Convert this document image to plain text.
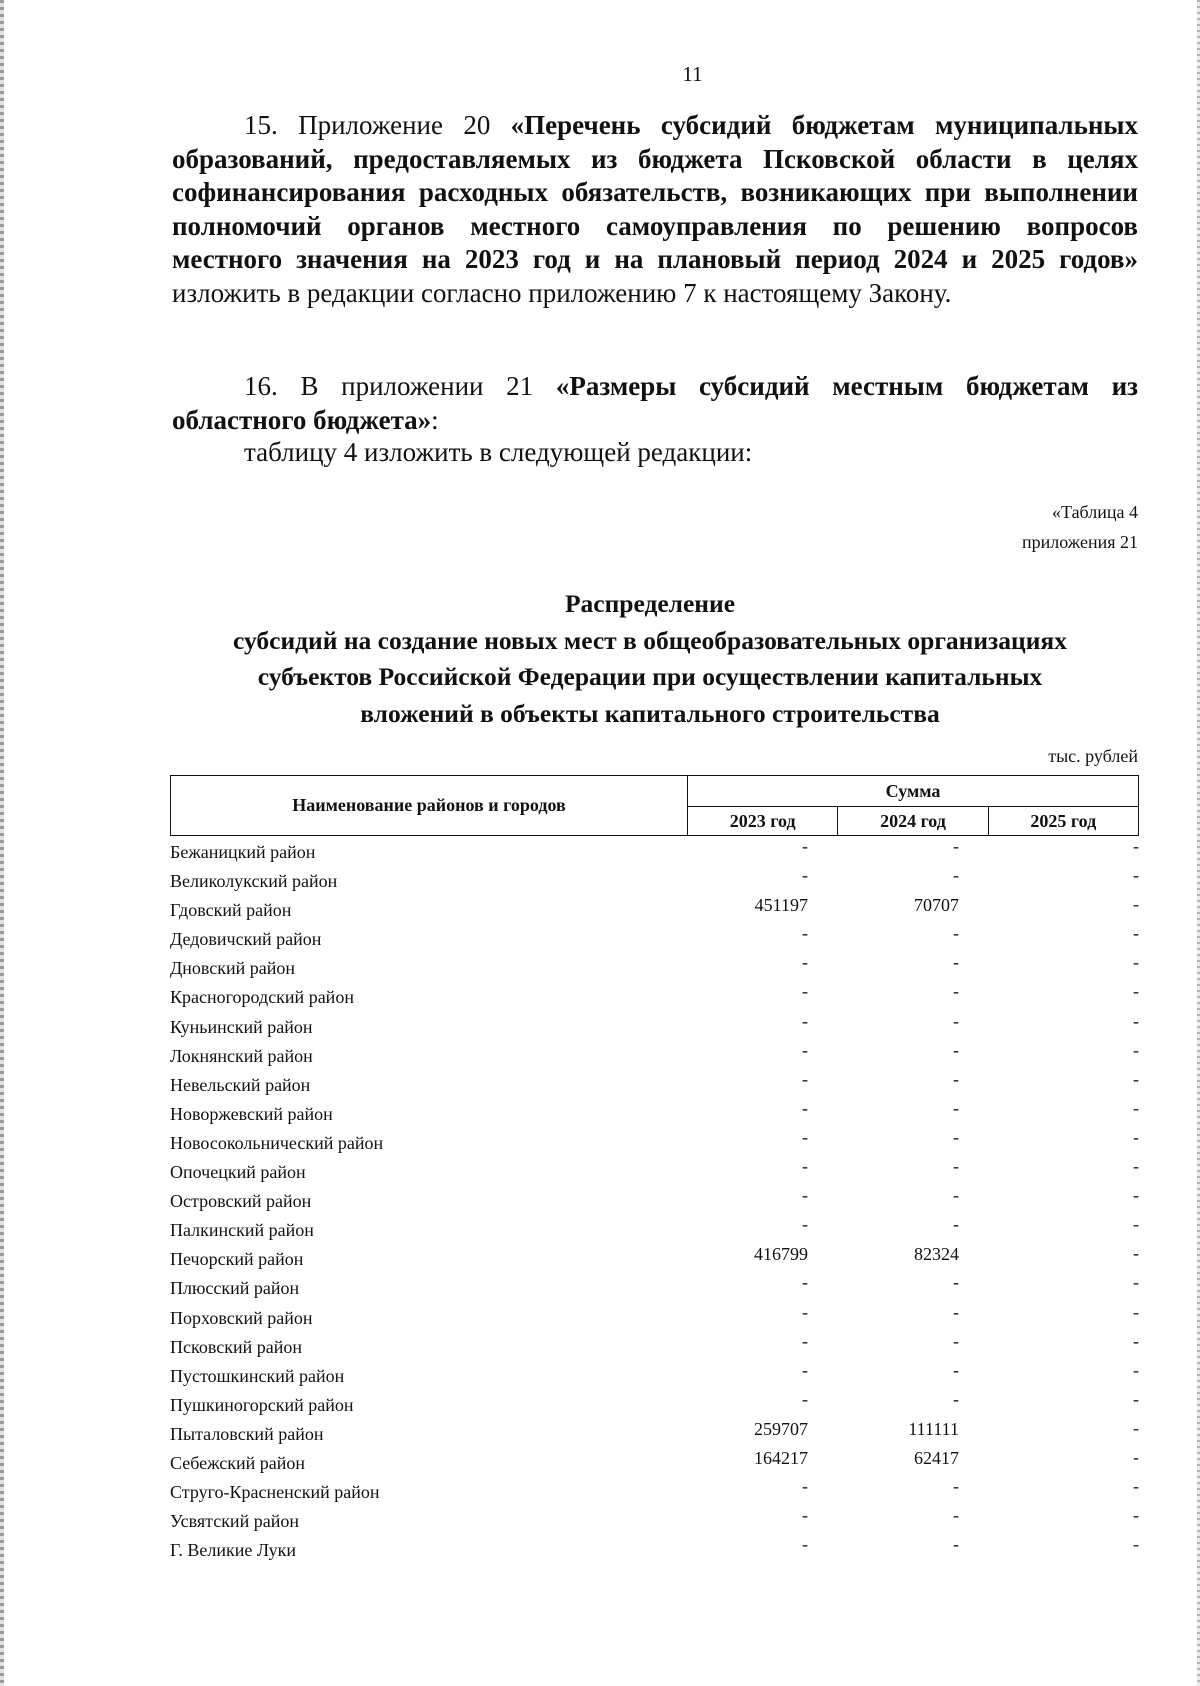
11

15. Приложение 20 «Перечень субсидий бюджетам муниципальных образований, предоставляемых из бюджета Псковской области в целях софинансирования расходных обязательств, возникающих при выполнении полномочий органов местного самоуправления по решению вопросов местного значения на 2023 год и на плановый период 2024 и 2025 годов» изложить в редакции согласно приложению 7 к настоящему Закону.

16. В приложении 21 «Размеры субсидий местным бюджетам из областного бюджета»:

таблицу 4 изложить в следующей редакции:
«Таблица 4
приложения 21
Распределение
субсидий на создание новых мест в общеобразовательных организациях
субъектов Российской Федерации при осуществлении капитальных
вложений в объекты капитального строительства
тыс. рублей
Наименование районов и городов	Сумма		
	2023 год	2024 год	2025 год
Бежаницкий район	-	-	-
Великолукский район	-	-	-
Гдовский район	451197	70707	-
Дедовичский район	-	-	-
Дновский район	-	-	-
Красногородский район	-	-	-
Куньинский район	-	-	-
Локнянский район	-	-	-
Невельский район	-	-	-
Новоржевский район	-	-	-
Новосокольнический район	-	-	-
Опочецкий район	-	-	-
Островский район	-	-	-
Палкинский район	-	-	-
Печорский район	416799	82324	-
Плюсский район	-	-	-
Порховский район	-	-	-
Псковский район	-	-	-
Пустошкинский район	-	-	-
Пушкиногорский район	-	-	-
Пыталовский район	259707	111111	-
Себежский район	164217	62417	-
Струго-Красненский район	-	-	-
Усвятский район	-	-	-
Г. Великие Луки	-	-	-
